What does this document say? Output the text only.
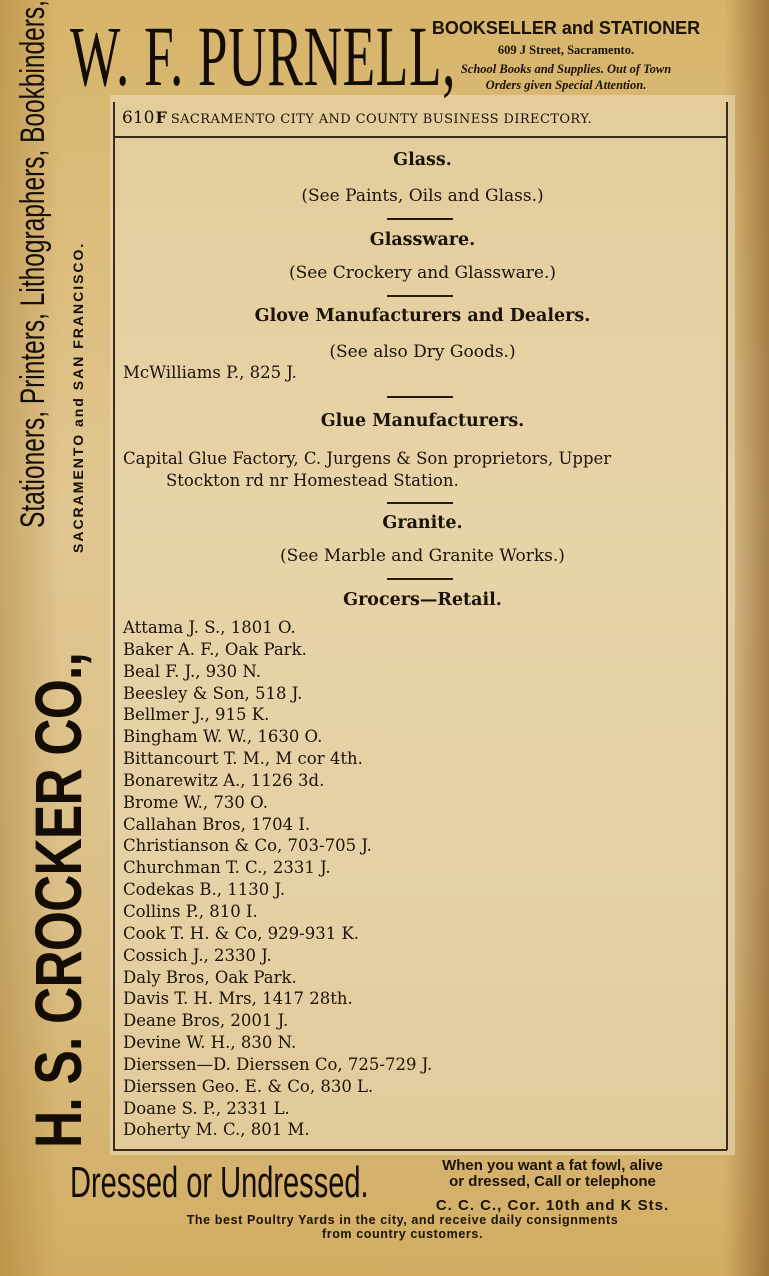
H. S. CROCKER CO.,
Stationers, Printers, Lithographers, Bookbinders, SACRAMENTO and SAN FRANCISCO.
W. F. PURNELL,
BOOKSELLER and STATIONER
609 J Street, Sacramento.
School Books and Supplies. Out of Town
Orders given Special Attention.
610F SACRAMENTO CITY AND COUNTY BUSINESS DIRECTORY.
Glass.
(See Paints, Oils and Glass.)
Glassware.
(See Crockery and Glassware.)
Glove Manufacturers and Dealers.
(See also Dry Goods.)
McWilliams P., 825 J.
Glue Manufacturers.
Capital Glue Factory, C. Jurgens & Son proprietors, Upper
Stockton rd nr Homestead Station.
Granite.
(See Marble and Granite Works.)
Grocers—Retail.
Attama J. S., 1801 O.
Baker A. F., Oak Park.
Beal F. J., 930 N.
Beesley & Son, 518 J.
Bellmer J., 915 K.
Bingham W. W., 1630 O.
Bittancourt T. M., M cor 4th.
Bonarewitz A., 1126 3d.
Brome W., 730 O.
Callahan Bros, 1704 I.
Christianson & Co, 703-705 J.
Churchman T. C., 2331 J.
Codekas B., 1130 J.
Collins P., 810 I.
Cook T. H. & Co, 929-931 K.
Cossich J., 2330 J.
Daly Bros, Oak Park.
Davis T. H. Mrs, 1417 28th.
Deane Bros, 2001 J.
Devine W. H., 830 N.
Dierssen—D. Dierssen Co, 725-729 J.
Dierssen Geo. E. & Co, 830 L.
Doane S. P., 2331 L.
Doherty M. C., 801 M.
Dressed or Undressed.	When you want a fat fowl, alive
or dressed, Call or telephone
C. C. C., Cor. 10th and K Sts.
The best Poultry Yards in the city, and receive daily consignments
from country customers.
